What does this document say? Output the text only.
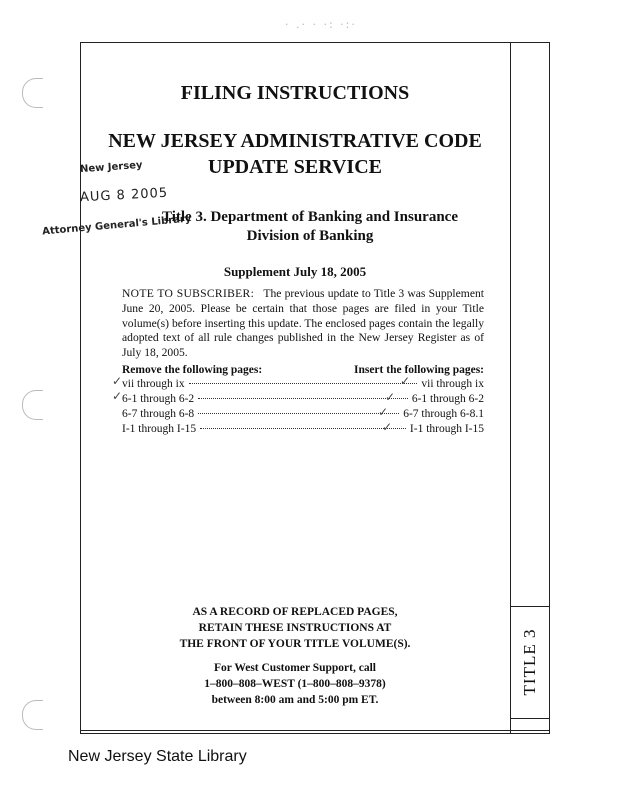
TITLE 3
· .· · ·: ·:·
FILING INSTRUCTIONS
NEW JERSEY ADMINISTRATIVE CODE
UPDATE SERVICE
New Jersey
AUG 8 2005
Attorney General's Library
Title 3. Department of Banking and Insurance
Division of Banking
Supplement July 18, 2005
NOTE TO SUBSCRIBER: The previous update to Title 3 was Supplement June 20, 2005. Please be certain that those pages are filed in your Title volume(s) before inserting this update. The enclosed pages contain the legally adopted text of all rule changes published in the New Jersey Register as of July 18, 2005.
Remove the following pages:	Insert the following pages:
vii through ix	vii through ix
6-1 through 6-2	6-1 through 6-2
6-7 through 6-8	6-7 through 6-8.1
I-1 through I-15	I-1 through I-15
✓
✓
✓
✓
✓
✓
AS A RECORD OF REPLACED PAGES,
RETAIN THESE INSTRUCTIONS AT
THE FRONT OF YOUR TITLE VOLUME(S).
For West Customer Support, call
1–800–808–WEST (1–800–808–9378)
between 8:00 am and 5:00 pm ET.
New Jersey State Library
